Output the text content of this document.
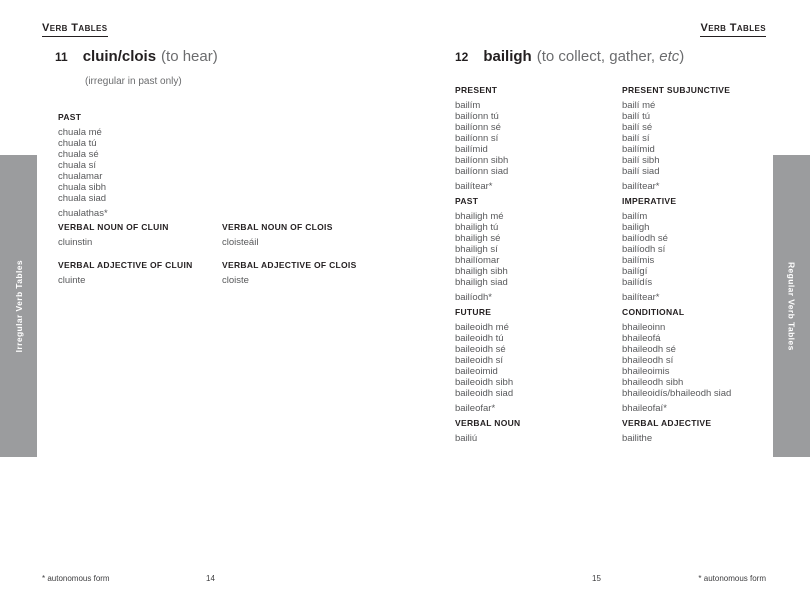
Irregular Verb Tables	Regular Verb Tables
Verb Tables	Verb Tables
11 cluin/clois (to hear)
(irregular in past only)
PAST
chuala mé
chuala tú
chuala sé
chuala sí
chualamar
chuala sibh
chuala siad
chualathas*
VERBAL NOUN OF CLUIN
cluinstin
VERBAL NOUN OF CLOIS
cloisteáil
VERBAL ADJECTIVE OF CLUIN
cluinte
VERBAL ADJECTIVE OF CLOIS
cloiste
12 bailigh (to collect, gather, etc)
PRESENT
bailím
bailíonn tú
bailíonn sé
bailíonn sí
bailímid
bailíonn sibh
bailíonn siad
bailítear*
PRESENT SUBJUNCTIVE
bailí mé
bailí tú
bailí sé
bailí sí
bailímid
bailí sibh
bailí siad
bailítear*
PAST
bhailigh mé
bhailigh tú
bhailigh sé
bhailigh sí
bhailíomar
bhailigh sibh
bhailigh siad
bailíodh*
IMPERATIVE
bailím
bailigh
bailíodh sé
bailíodh sí
bailímis
bailígí
bailídís
bailítear*
FUTURE
baileoidh mé
baileoidh tú
baileoidh sé
baileoidh sí
baileoimid
baileoidh sibh
baileoidh siad
baileofar*
CONDITIONAL
bhaileoinn
bhaileofá
bhaileodh sé
bhaileodh sí
bhaileoimis
bhaileodh sibh
bhaileoidís/bhaileodh siad
bhaileofaí*
VERBAL NOUN
bailiú
VERBAL ADJECTIVE
bailithe
* autonomous form	14	15	* autonomous form
